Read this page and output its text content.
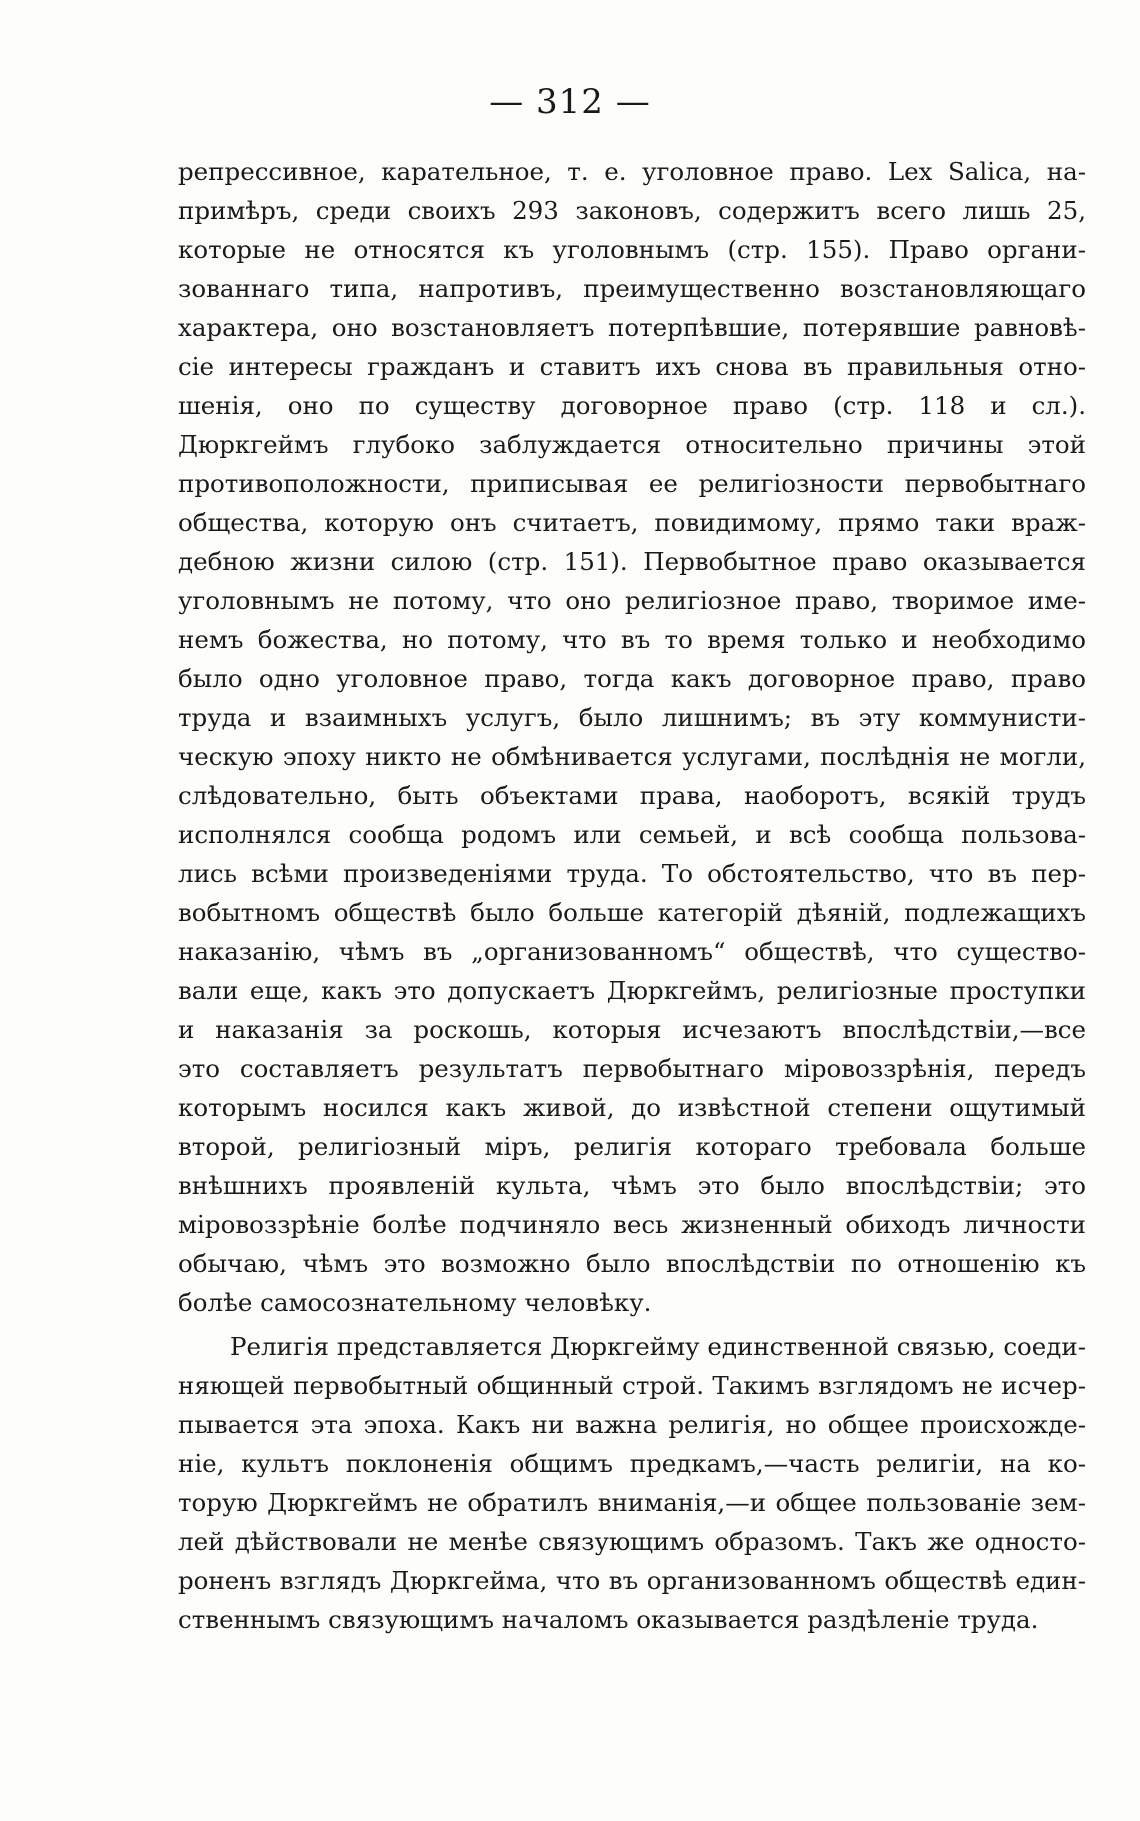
— 312 —
репрессивное, карательное, т. е. уголовное право. Lex Salica, на-
примѣръ, среди своихъ 293 законовъ, содержитъ всего лишь 25,
которые не относятся къ уголовнымъ (стр. 155). Право органи-
зованнаго типа, напротивъ, преимущественно возстановляющаго
характера, оно возстановляетъ потерпѣвшие, потерявшие равновѣ-
сіе интересы гражданъ и ставитъ ихъ снова въ правильныя отно-
шенія, оно по существу договорное право (стр. 118 и сл.).
Дюркгеймъ глубоко заблуждается относительно причины этой
противоположности, приписывая ее религіозности первобытнаго
общества, которую онъ считаетъ, повидимому, прямо таки враж-
дебною жизни силою (стр. 151). Первобытное право оказывается
уголовнымъ не потому, что оно религіозное право, творимое име-
немъ божества, но потому, что въ то время только и необходимо
было одно уголовное право, тогда какъ договорное право, право
труда и взаимныхъ услугъ, было лишнимъ; въ эту коммунисти-
ческую эпоху никто не обмѣнивается услугами, послѣднія не могли,
слѣдовательно, быть объектами права, наоборотъ, всякій трудъ
исполнялся сообща родомъ или семьей, и всѣ сообща пользова-
лись всѣми произведеніями труда. То обстоятельство, что въ пер-
вобытномъ обществѣ было больше категорій дѣяній, подлежащихъ
наказанію, чѣмъ въ „организованномъ“ обществѣ, что существо-
вали еще, какъ это допускаетъ Дюркгеймъ, религіозные проступки
и наказанія за роскошь, которыя исчезаютъ впослѣдствіи,—все
это составляетъ результатъ первобытнаго міровоззрѣнія, передъ
которымъ носился какъ живой, до извѣстной степени ощутимый
второй, религіозный міръ, религія котораго требовала больше
внѣшнихъ проявленій культа, чѣмъ это было впослѣдствіи; это
міровоззрѣніе болѣе подчиняло весь жизненный обиходъ личности
обычаю, чѣмъ это возможно было впослѣдствіи по отношенію къ
болѣе самосознательному человѣку.
Религія представляется Дюркгейму единственной связью, соеди-
няющей первобытный общинный строй. Такимъ взглядомъ не исчер-
пывается эта эпоха. Какъ ни важна религія, но общее происхожде-
ніе, культъ поклоненія общимъ предкамъ,—часть религіи, на ко-
торую Дюркгеймъ не обратилъ вниманія,—и общее пользованіе зем-
лей дѣйствовали не менѣе связующимъ образомъ. Такъ же односто-
роненъ взглядъ Дюркгейма, что въ организованномъ обществѣ един-
ственнымъ связующимъ началомъ оказывается раздѣленіе труда.
